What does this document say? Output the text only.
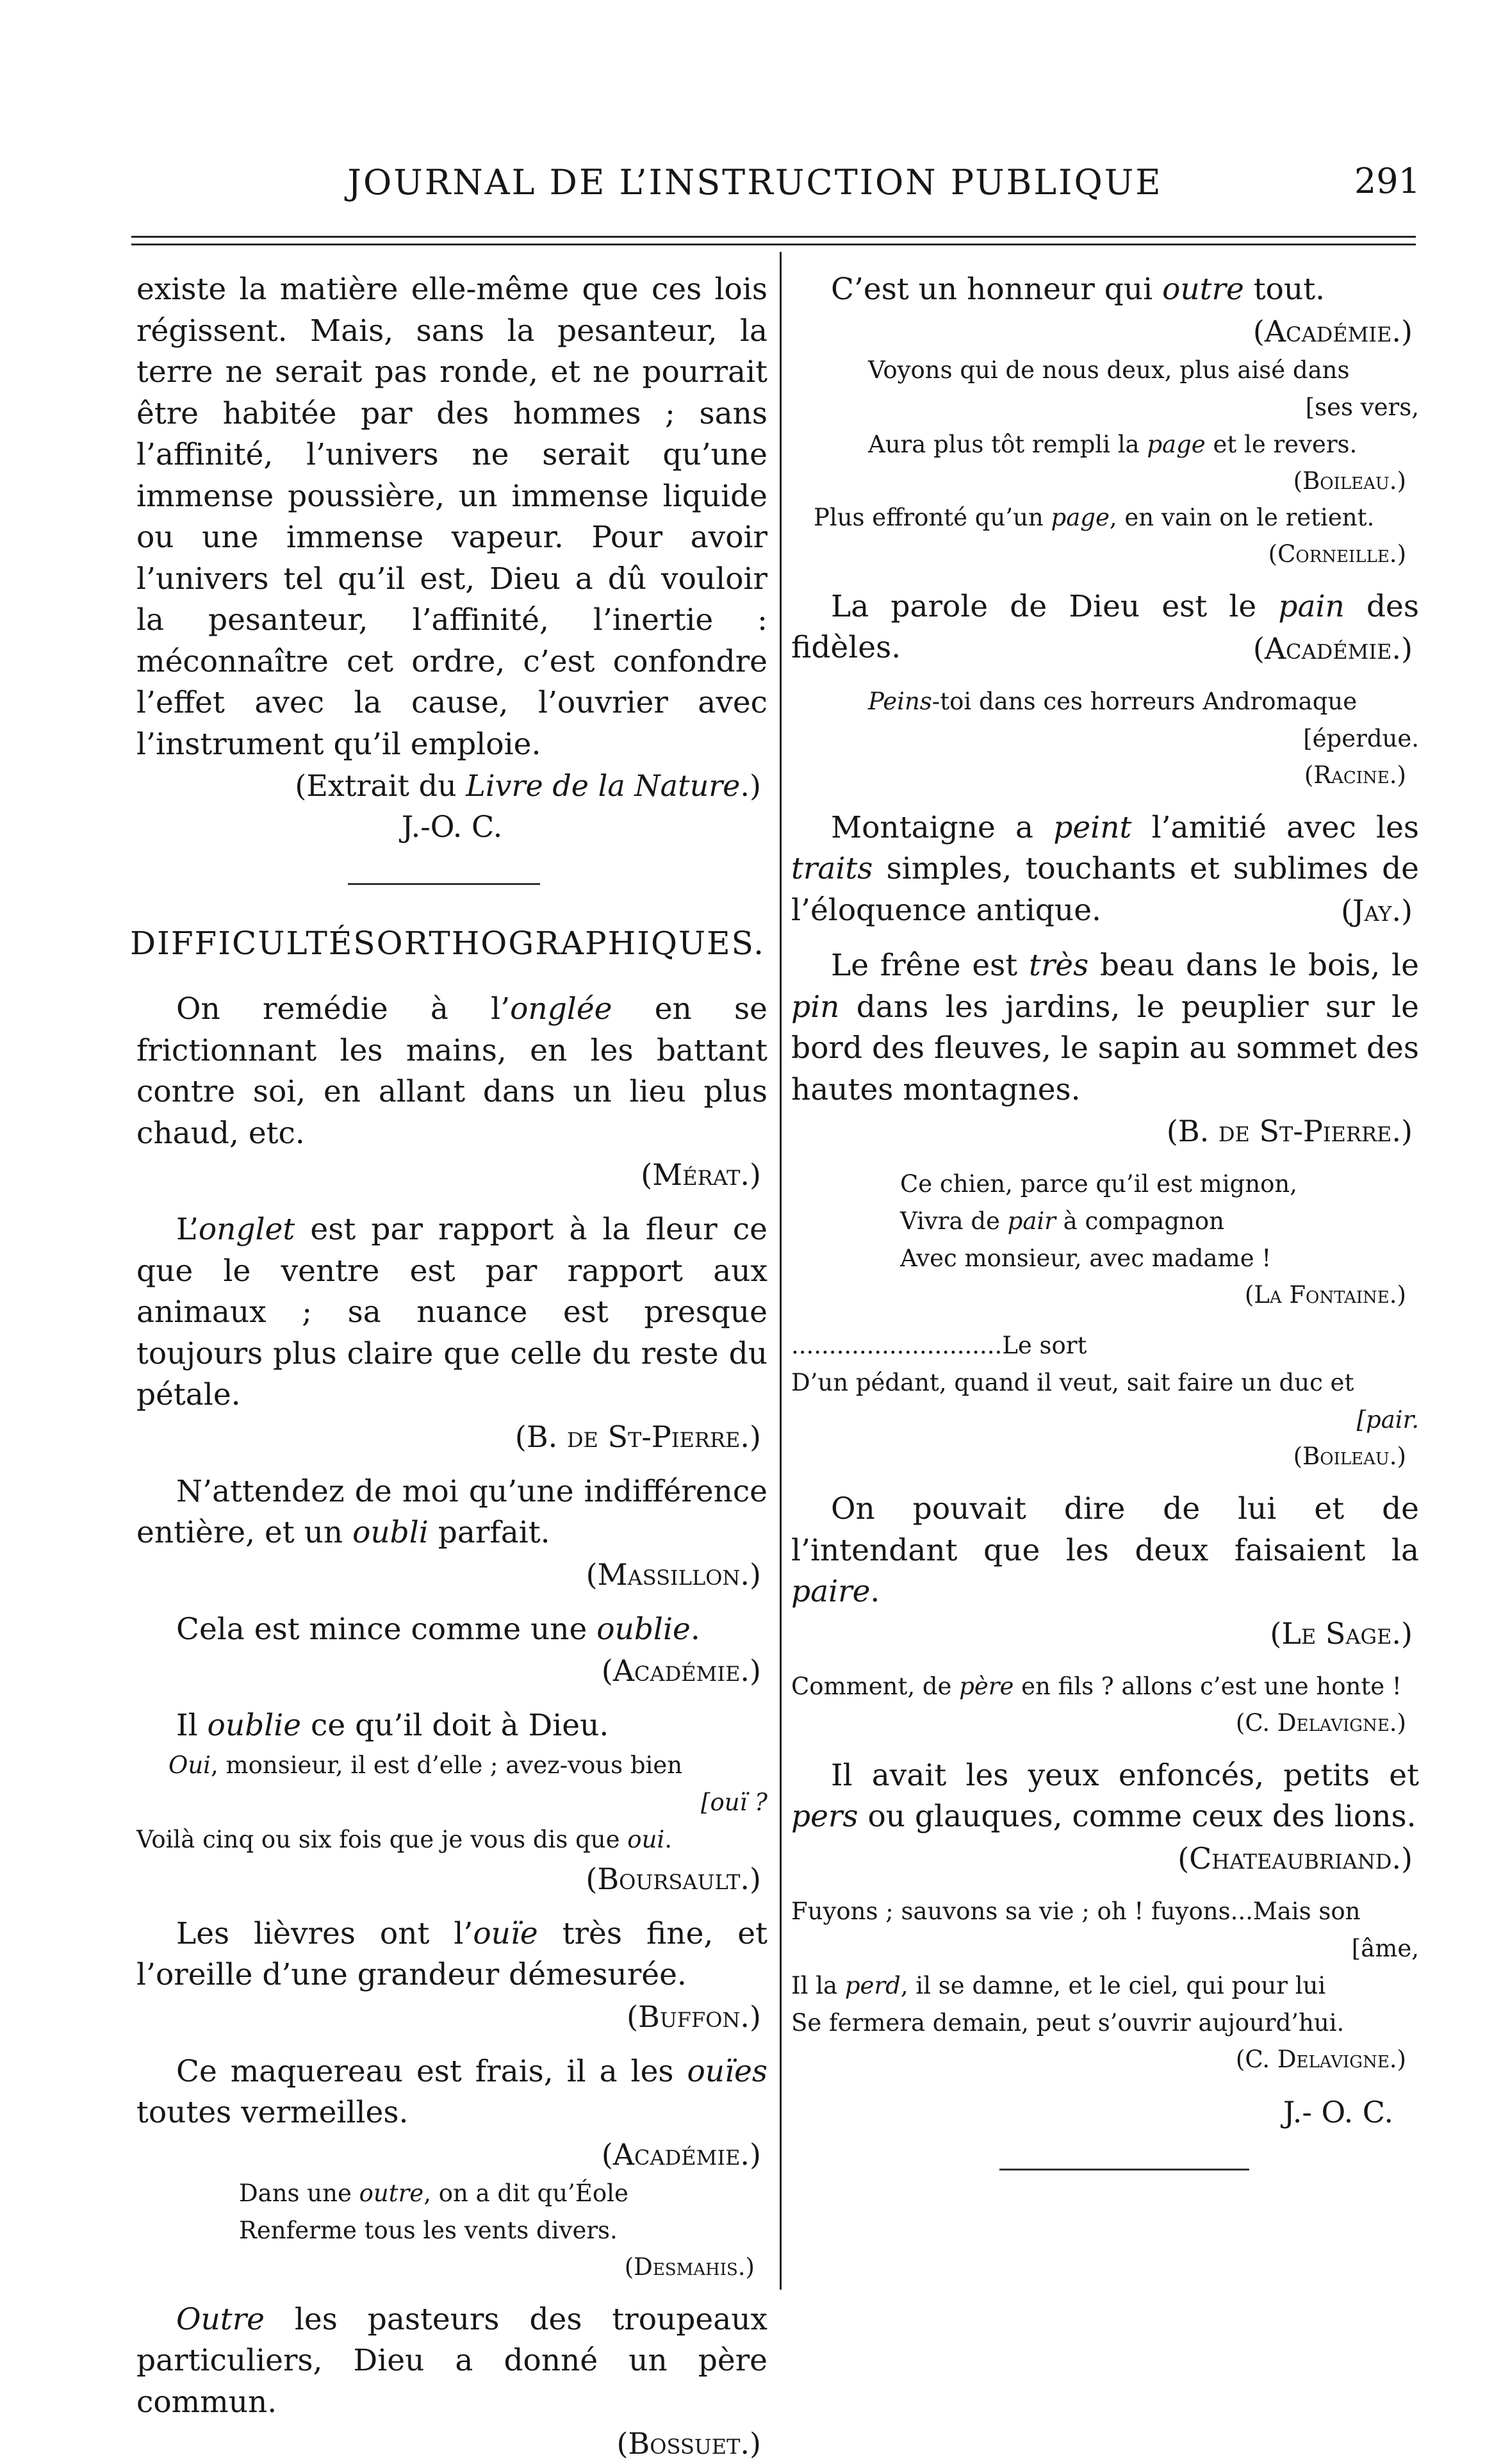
JOURNAL DE L’INSTRUCTION PUBLIQUE	291
existe la matière elle-même que ces lois régissent. Mais, sans la pesanteur, la terre ne serait pas ronde, et ne pourrait être habitée par des hommes ; sans l’affinité, l’univers ne serait qu’une immense poussière, un immense liquide ou une immense vapeur. Pour avoir l’univers tel qu’il est, Dieu a dû vouloir la pesanteur, l’affinité, l’inertie : méconnaître cet ordre, c’est confondre l’effet avec la cause, l’ouvrier avec l’instrument qu’il emploie.
(Extrait du Livre de la Nature.)
J.-O. C.
DIFFICULTÉSORTHOGRAPHIQUES.
On remédie à l’onglée en se frictionnant les mains, en les battant contre soi, en allant dans un lieu plus chaud, etc.
(Mérat.)
L’onglet est par rapport à la fleur ce que le ventre est par rapport aux animaux ; sa nuance est presque toujours plus claire que celle du reste du pétale.
(B. de St-Pierre.)
N’attendez de moi qu’une indifférence entière, et un oubli parfait.
(Massillon.)
Cela est mince comme une oublie.
(Académie.)
Il oublie ce qu’il doit à Dieu.
Oui, monsieur, il est d’elle ; avez-vous bien
[ouï ?
Voilà cinq ou six fois que je vous dis que oui.
(Boursault.)
Les lièvres ont l’ouïe très fine, et l’oreille d’une grandeur démesurée.
(Buffon.)
Ce maquereau est frais, il a les ouïes toutes vermeilles.
(Académie.)
Dans une outre, on a dit qu’Éole
Renferme tous les vents divers.
(Desmahis.)
Outre les pasteurs des troupeaux particuliers, Dieu a donné un père commun.
(Bossuet.)
C’est un honneur qui outre tout.
(Académie.)
Voyons qui de nous deux, plus aisé dans
[ses vers,
Aura plus tôt rempli la page et le revers.
(Boileau.)
Plus effronté qu’un page, en vain on le retient.
(Corneille.)
La parole de Dieu est le pain des fidèles.	(Académie.)
Peins-toi dans ces horreurs Andromaque
[éperdue.
(Racine.)
Montaigne a peint l’amitié avec les traits simples, touchants et sublimes de l’éloquence antique.	(Jay.)
Le frêne est très beau dans le bois, le pin dans les jardins, le peuplier sur le bord des fleuves, le sapin au sommet des hautes montagnes.
(B. de St-Pierre.)
Ce chien, parce qu’il est mignon,
Vivra de pair à compagnon
Avec monsieur, avec madame !
(La Fontaine.)
............................Le sort
D’un pédant, quand il veut, sait faire un duc et
[pair.
(Boileau.)
On pouvait dire de lui et de l’intendant que les deux faisaient la paire.
(Le Sage.)
Comment, de père en fils ? allons c’est une honte !
(C. Delavigne.)
Il avait les yeux enfoncés, petits et pers ou glauques, comme ceux des lions.
(Chateaubriand.)
Fuyons ; sauvons sa vie ; oh ! fuyons...Mais son
[âme,
Il la perd, il se damne, et le ciel, qui pour lui
Se fermera demain, peut s’ouvrir aujourd’hui.
(C. Delavigne.)
J.- O. C.
